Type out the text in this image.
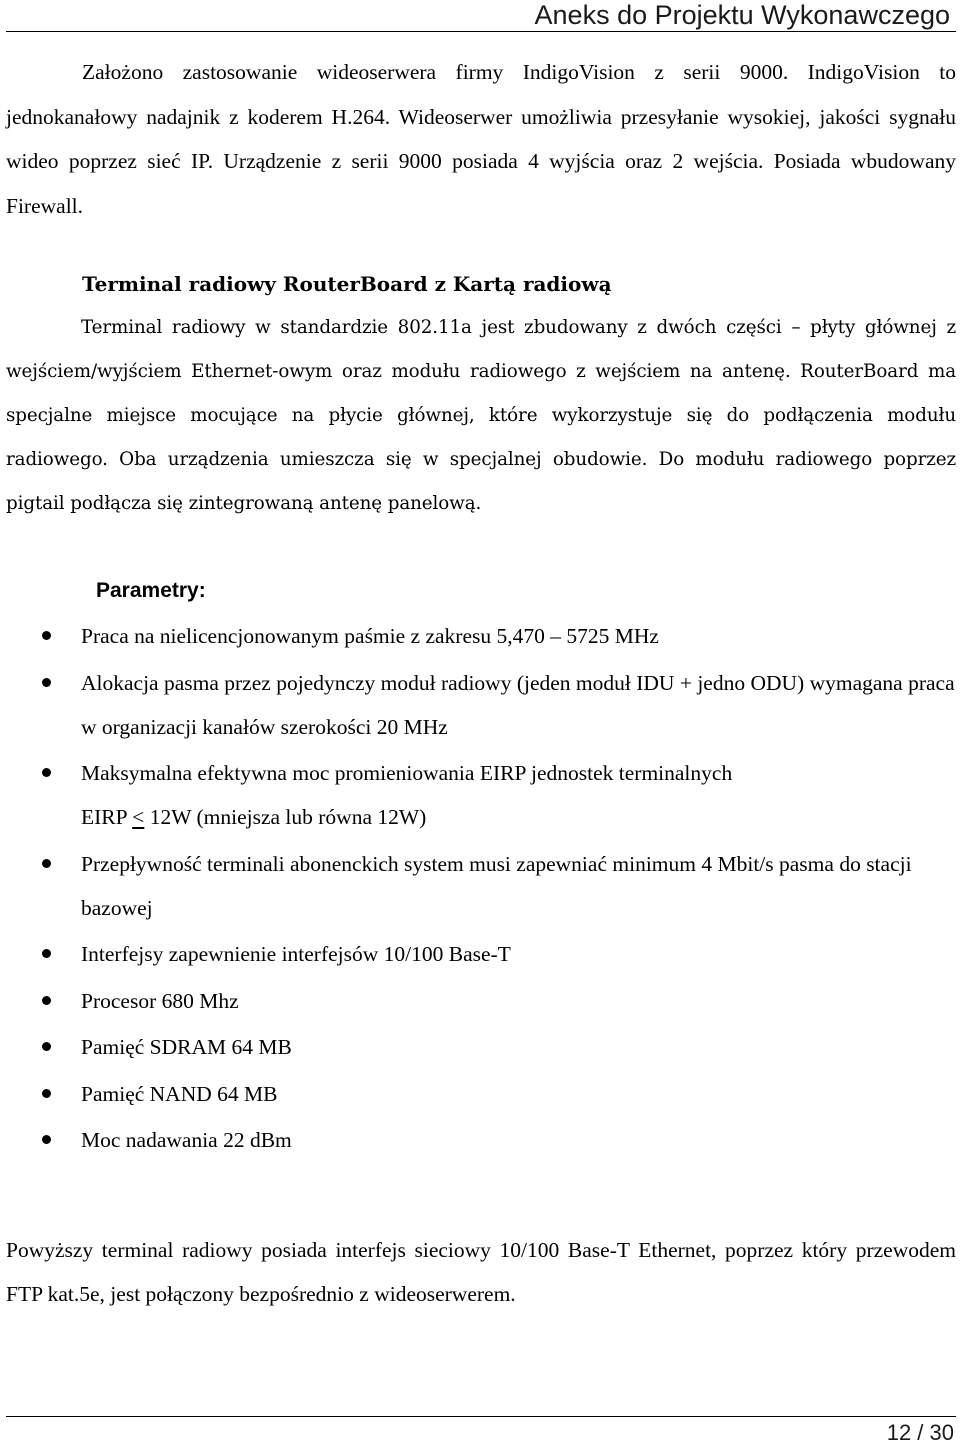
Aneks do Projektu Wykonawczego

Założono zastosowanie wideoserwera firmy IndigoVision z serii 9000. IndigoVision to jednokanałowy nadajnik z koderem H.264. Wideoserwer umożliwia przesyłanie wysokiej, jakości sygnału wideo poprzez sieć IP. Urządzenie z serii 9000 posiada 4 wyjścia oraz 2 wejścia. Posiada wbudowany Firewall.

Terminal radiowy RouterBoard z Kartą radiową

Terminal radiowy w standardzie 802.11a jest zbudowany z dwóch części – płyty głównej z wejściem/wyjściem Ethernet-owym oraz modułu radiowego z wejściem na antenę. RouterBoard ma specjalne miejsce mocujące na płycie głównej, które wykorzystuje się do podłączenia modułu radiowego. Oba urządzenia umieszcza się w specjalnej obudowie. Do modułu radiowego poprzez pigtail podłącza się zintegrowaną antenę panelową.

Parametry:
Praca na nielicencjonowanym paśmie z zakresu 5,470 – 5725 MHz
Alokacja pasma przez pojedynczy moduł radiowy (jeden moduł IDU + jedno ODU) wymagana praca w organizacji kanałów szerokości 20 MHz
Maksymalna efektywna moc promieniowania EIRP jednostek terminalnych
EIRP ≤ 12W (mniejsza lub równa 12W)
Przepływność terminali abonenckich system musi zapewniać minimum 4 Mbit/s pasma do stacji bazowej
Interfejsy zapewnienie interfejsów 10/100 Base-T
Procesor 680 Mhz
Pamięć SDRAM 64 MB
Pamięć NAND 64 MB
Moc nadawania 22 dBm

Powyższy terminal radiowy posiada interfejs sieciowy 10/100 Base-T Ethernet, poprzez który przewodem FTP kat.5e, jest połączony bezpośrednio z wideoserwerem.

12 / 30
